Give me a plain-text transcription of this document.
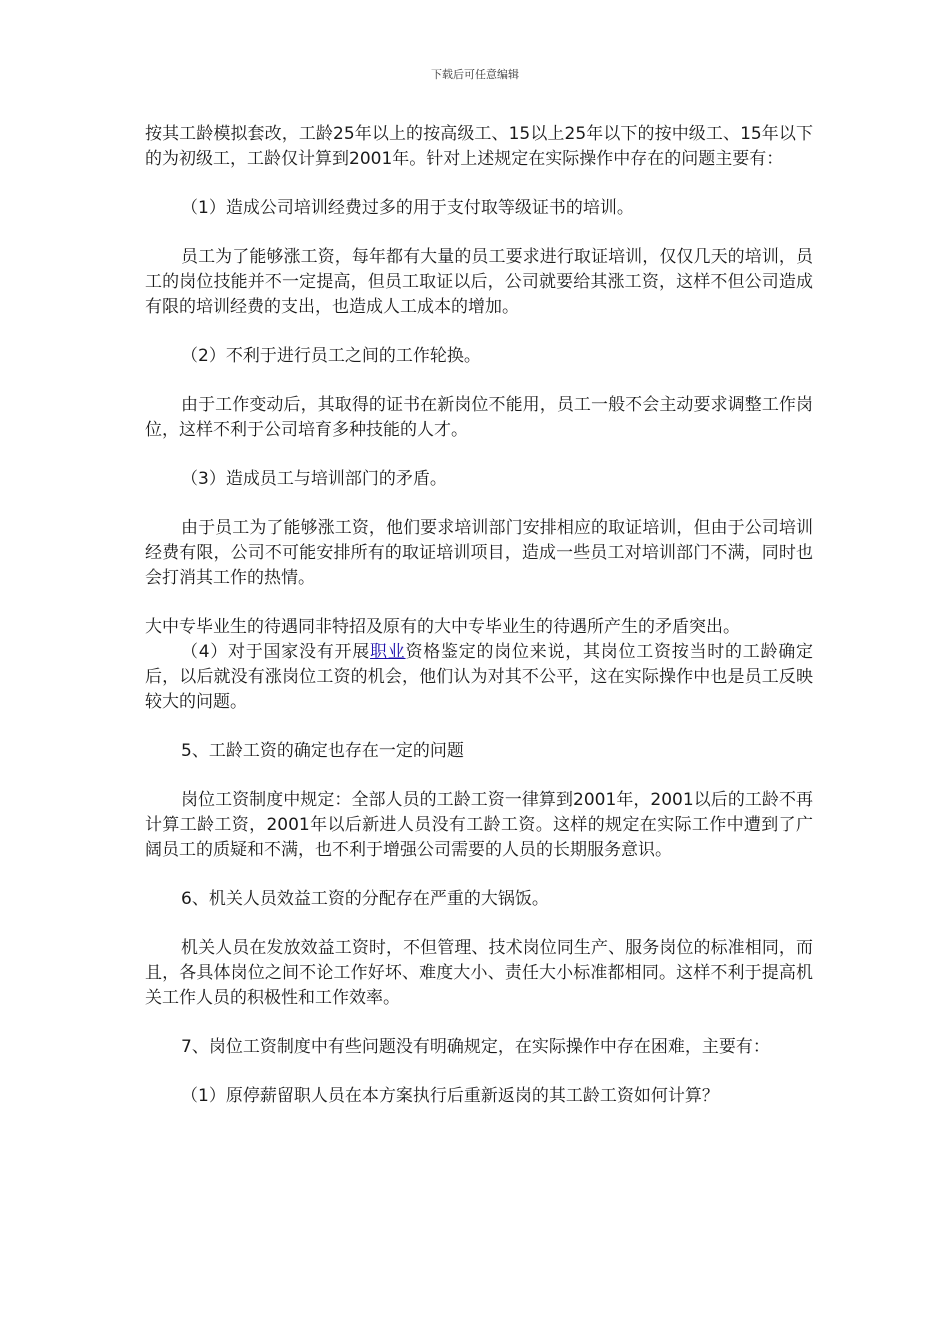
下载后可任意编辑

按其工龄模拟套改，工龄25年以上的按高级工、15以上25年以下的按中级工、15年以下的为初级工，工龄仅计算到2001年。针对上述规定在实际操作中存在的问题主要有：

（1）造成公司培训经费过多的用于支付取等级证书的培训。

员工为了能够涨工资，每年都有大量的员工要求进行取证培训，仅仅几天的培训，员工的岗位技能并不一定提高，但员工取证以后，公司就要给其涨工资，这样不但公司造成有限的培训经费的支出，也造成人工成本的增加。

（2）不利于进行员工之间的工作轮换。

由于工作变动后，其取得的证书在新岗位不能用，员工一般不会主动要求调整工作岗位，这样不利于公司培育多种技能的人才。

（3）造成员工与培训部门的矛盾。

由于员工为了能够涨工资，他们要求培训部门安排相应的取证培训，但由于公司培训经费有限，公司不可能安排所有的取证培训项目，造成一些员工对培训部门不满，同时也会打消其工作的热情。

大中专毕业生的待遇同非特招及原有的大中专毕业生的待遇所产生的矛盾突出。

（4）对于国家没有开展职业资格鉴定的岗位来说，其岗位工资按当时的工龄确定后，以后就没有涨岗位工资的机会，他们认为对其不公平，这在实际操作中也是员工反映较大的问题。

5、工龄工资的确定也存在一定的问题

岗位工资制度中规定：全部人员的工龄工资一律算到2001年，2001以后的工龄不再计算工龄工资，2001年以后新进人员没有工龄工资。这样的规定在实际工作中遭到了广阔员工的质疑和不满，也不利于增强公司需要的人员的长期服务意识。

6、机关人员效益工资的分配存在严重的大锅饭。

机关人员在发放效益工资时，不但管理、技术岗位同生产、服务岗位的标准相同，而且，各具体岗位之间不论工作好坏、难度大小、责任大小标准都相同。这样不利于提高机关工作人员的积极性和工作效率。

7、岗位工资制度中有些问题没有明确规定，在实际操作中存在困难，主要有：

（1）原停薪留职人员在本方案执行后重新返岗的其工龄工资如何计算？
